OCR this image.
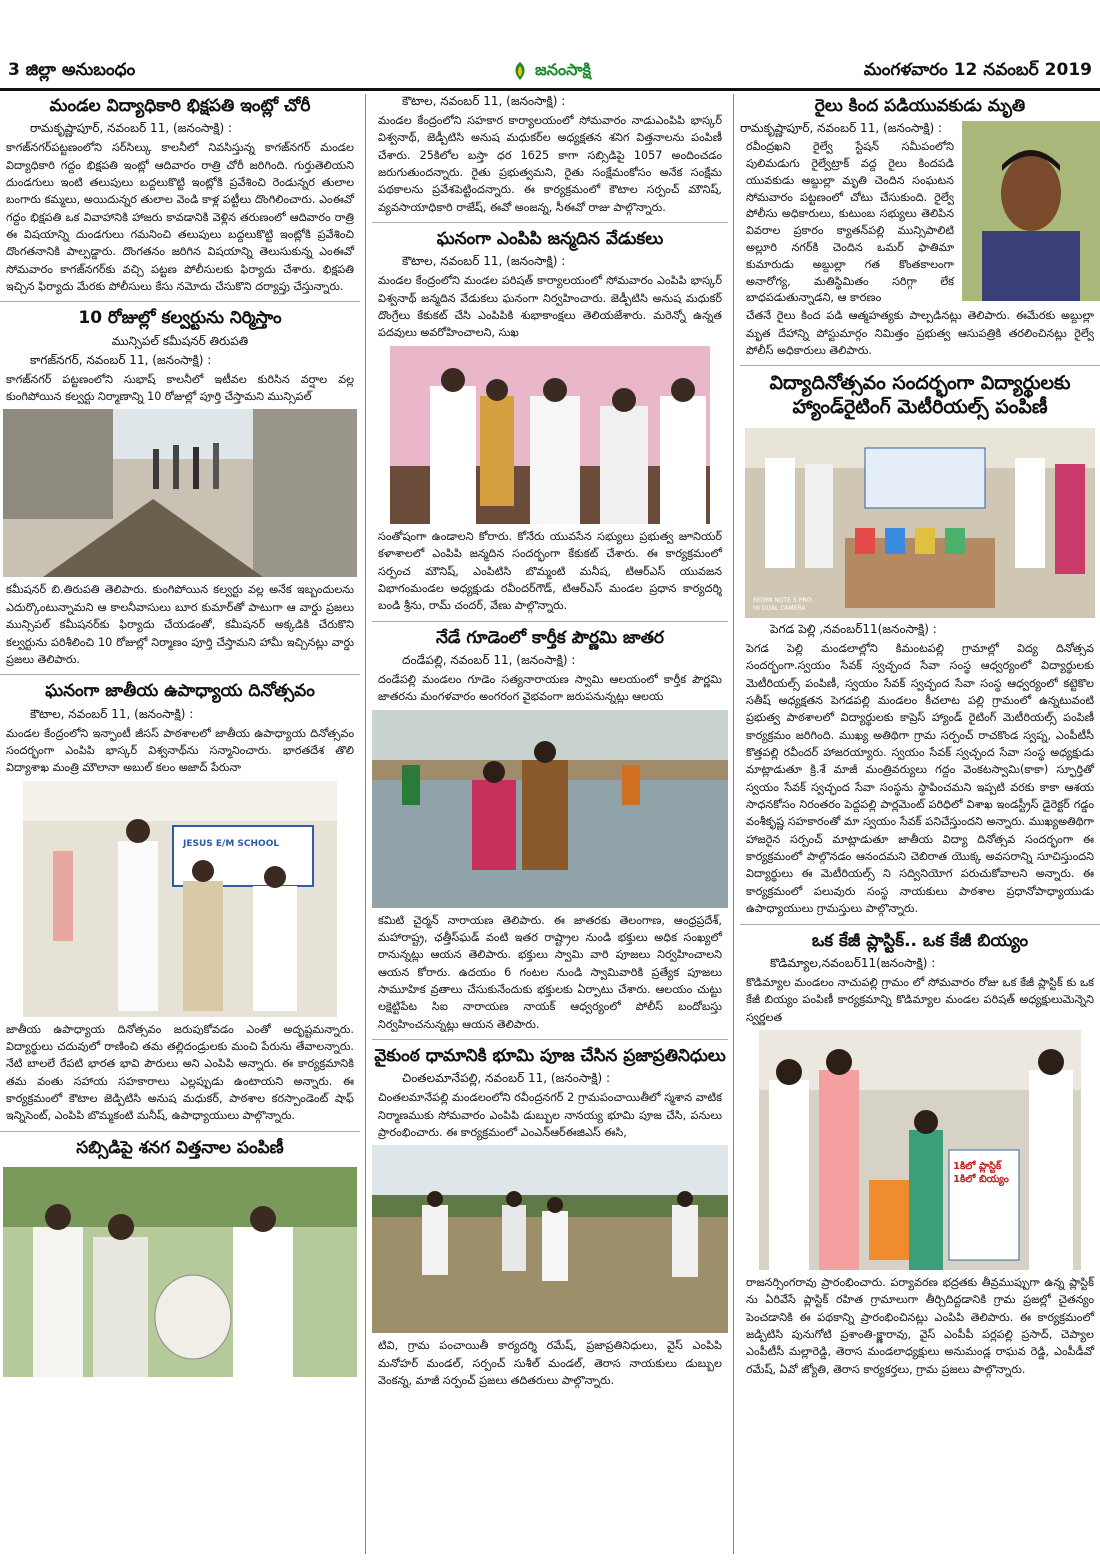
3 జిల్లా అనుబంధం	జనంసాక్షి	మంగళవారం 12 నవంబర్ 2019
మండల విద్యాధికారి భిక్షపతి ఇంట్లో చోరీ
రామకృష్ణాపూర్, నవంబర్ 11, (జనంసాక్షి) :
కాగజ్‌నగర్‌పట్టణంలోని సర్‌సిల్కు కాలనీలో నివసిస్తున్న కాగజ్‌నగర్ మండల విద్యాధికారి గద్దం భిక్షపతి ఇంట్లో ఆదివారం రాత్రి చోరీ జరిగింది. గుర్తుతెలియని దుండగులు ఇంటి తలుపులు బద్దలుకొట్టి ఇంట్లోకి ప్రవేశించి రెండున్నర తులాల బంగారు కమ్మలు, అయిదున్నర తులాల వెండి కాళ్ల పట్టీలు దొంగిలించారు. ఎంఈవో గద్దం భిక్షపతి ఒక వివాహానికి హాజరు కావడానికి వెళ్లిన తరుణంలో ఆదివారం రాత్రి ఈ విషయాన్ని దుండగులు గమనించి తలుపులు బద్దలుకొట్టి ఇంట్లోకి ప్రవేశించి దొంగతనానికి పాల్పడ్డారు. దొంగతనం జరిగిన విషయాన్ని తెలుసుకున్న ఎంఈవో సోమవారం కాగజ్‌నగర్‌కు వచ్చి పట్టణ పోలీసులకు ఫిర్యాదు చేశారు. భిక్షపతి ఇచ్చిన ఫిర్యాదు మేరకు పోలీసులు కేసు నమోదు చేసుకొని దర్యాప్తు చేస్తున్నారు.
10 రోజుల్లో కల్వర్టును నిర్మిస్తాం
మున్సిపల్ కమీషనర్ తిరుపతి
కాగజ్‌నగర్, నవంబర్ 11, (జనంసాక్షి) :
కాగజ్‌నగర్ పట్టణంలోని సుభాష్ కాలనీలో ఇటీవల కురిసిన వర్షాల వల్ల కుంగిపోయిన కల్వర్టు నిర్మాణాన్ని 10 రోజుల్లో పూర్తి చేస్తామని మున్సిపల్
కమీషనర్ బి.తిరుపతి తెలిపారు. కుంగిపోయిన కల్వర్టు వల్ల అనేక ఇబ్బందులను ఎదుర్కొంటున్నామని ఆ కాలనీవాసులు బూర కుమార్‌తో పాటుగా ఆ వార్డు ప్రజలు మున్సిపల్ కమీషనర్‌కు ఫిర్యాదు చేయడంతో, కమీషనర్ అక్కడికి చేరుకొని కల్వర్టును పరిశీలించి 10 రోజుల్లో నిర్మాణం పూర్తి చేస్తామని హామీ ఇచ్చినట్లు వార్డు ప్రజలు తెలిపారు.
ఘనంగా జాతీయ ఉపాధ్యాయ దినోత్సవం
కౌటాల, నవంబర్ 11, (జనంసాక్షి) :
మండల కేంద్రంలోని ఇన్ఫాంటీ జీసస్ పాఠశాలలో జాతీయ ఉపాధ్యాయ దినోత్సవం సందర్భంగా ఎంపిపి భాస్కర్ విశ్వనాథ్‌ను సన్మానించారు. భారతదేశ తొలి విద్యాశాఖ మంత్రి మౌలానా అబుల్ కలం అజాద్ పేరునా
JESUS E/M SCHOOL
జాతీయ ఉపాధ్యాయ దినోత్సవం జరుపుకోవడం ఎంతో అదృష్టమన్నారు. విద్యార్థులు చదువులో రాణించి తమ తల్లిదండ్రులకు మంచి పేరును తేవాలన్నారు. నేటి బాలలే రేపటి భారత భావి పౌరులు అని ఎంపిపి అన్నారు. ఈ కార్యక్రమానికి తమ వంతు సహాయ సహకారాలు ఎల్లప్పుడు ఉంటాయని అన్నారు. ఈ కార్యక్రమంలో కౌటాల జెడ్పిటిసి అనుష మధుకర్, పాఠశాల కరస్పాండెంట్ షాఫ్ ఇన్నిసెంట్, ఎంపిపి బొమ్మకంటి మనీష్, ఉపాధ్యాయులు పాల్గొన్నారు.
సబ్సిడిపై శనగ విత్తనాల పంపిణీ
కౌటాల, నవంబర్ 11, (జనంసాక్షి) :
మండల కేంద్రంలోని సహకార కార్యాలయంలో సోమవారం నాడుఎంపిపి భాస్కర్ విశ్వనాథ్, జెడ్పీటిసి అనుష మధుకర్‌ల అధ్యక్షతన శనిగ విత్తనాలను పంపిణీ చేశారు. 25కిలోల బస్తా ధర 1625 కాగా సబ్సిడిపై 1057 అందించడం జరుగుతుందన్నారు. రైతు ప్రభుత్వమని, రైతు సంక్షేమంకోసం అనేక సంక్షేమ పథకాలను ప్రవేశపెట్టిందన్నారు. ఈ కార్యక్రమంలో కౌటాల సర్పంచ్ మౌనిష్, వ్యవసాయాధికారి రాజేష్, ఈవో అంజన్న, సీఈవో రాజు పాల్గొన్నారు.
ఘనంగా ఎంపిపి జన్మదిన వేడుకలు
కౌటాల, నవంబర్ 11, (జనంసాక్షి) :
మండల కేంద్రంలోని మండల పరిషత్ కార్యాలయంలో సోమవారం ఎంపిపి భాస్కర్ విశ్వనాథ్ జన్మదిన వేడుకలు ఘనంగా నిర్వహించారు. జెడ్పీటిసి అనుష మధుకర్ దొంగ్రేలు కేకుకట్ చేసి ఎంపిపికి శుభాకాంక్షలు తెలియజేశారు. మరెన్నో ఉన్నత పదవులు అవరోహించాలని, సుఖ
సంతోషంగా ఉండాలని కోరారు. కోనేరు యువసేన సభ్యులు ప్రభుత్వ జూనియర్ కళాశాలలో ఎంపిపి జన్మదిన సందర్భంగా కేకుకట్ చేశారు. ఈ కార్యక్రమంలో సర్పంచ మౌనిష్, ఎంపిటిసి బొమ్మంటి మనీష, టిఆర్ఎస్ యువజన విభాగంమండల అధ్యక్షుడు రవీందర్‌గౌడ్, టిఆర్ఎస్ మండల ప్రధాన కార్యదర్శి బండి శ్రీను, రామ్ చందర్, వేణు పాల్గొన్నారు.
నేడే గూడెంలో కార్తీక పౌర్ణమి జాతర
దండేపల్లి, నవంబర్ 11, (జనంసాక్షి) :
దండేపల్లి మండలం గూడెం సత్యనారాయణ స్వామి ఆలయంలో కార్తీక పౌర్ణమి జాతరను మంగళవారం అంగరంగ వైభవంగా జరుపనున్నట్లు ఆలయ
కమిటి చైర్మన్ నారాయణ తెలిపారు. ఈ జాతరకు తెలంగాణ, ఆంధ్రప్రదేశ్, మహారాష్ట్ర, ఛత్తీస్‌ఘడ్ వంటి ఇతర రాష్ట్రాల నుండి భక్తులు అధిక సంఖ్యలో రానున్నట్లు ఆయన తెలిపారు. భక్తులు స్వామి వారి పూజలు నిర్వహించాలని ఆయన కోరారు. ఉదయం 6 గంటల నుండి స్వామివారికి ప్రత్యేక పూజలు సామూహిక వ్రతాలు చేసుకునేందుకు భక్తులకు ఏర్పాటు చేశారు. ఆలయం చుట్టు లక్షెట్టిపేట సిఐ నారాయణ నాయక్ ఆధ్వర్యంలో పోలీస్ బందోబస్తు నిర్వహించనున్నట్లు ఆయన తెలిపారు.
వైకుంఠ ధామానికి భూమి పూజ చేసిన ప్రజాప్రతినిధులు
చింతలమానేపల్లి, నవంబర్ 11, (జనంసాక్షి) :
చింతలమానేపల్లి మండలంలోని రవీంద్రనగర్ 2 గ్రామపంచాయితీలో స్మశాన వాటిక నిర్మాణముకు సోమవారం ఎంపిపి డుబ్బుల నానయ్య భూమి పూజ చేసి, పనులు ప్రారంభించారు. ఈ కార్యక్రమంలో ఎంఎన్ఆర్ఈజిఎస్ ఈసి,
టివి, గ్రామ పంచాయితీ కార్యదర్శి రమేష్, ప్రజాప్రతినిధులు, వైస్ ఎంపిపి మనోహర్ మండల్, సర్పంచ్ సుశీల్ మండల్, తెరాస నాయకులు డుబ్బుల వెంకన్న, మాజీ సర్పంచ్ ప్రజలు తదితరులు పాల్గొన్నారు.
రైలు కింద పడియువకుడు మృతి
రామకృష్ణాపూర్, నవంబర్ 11, (జనంసాక్షి) :
రవీంద్రఖని రైల్వే స్టేషన్ సమీపంలోని పులిమడుగు రైల్వేట్రాక్ వద్ద రైలు కిందపడి యువకుడు అబ్దుల్లా మృతి చెందిన సంఘటన సోమవారం పట్టణంలో చోటు చేసుకుంది. రైల్వే పోలీసు అధికారులు, కుటుంబ సభ్యులు తెలిపిన వివరాల ప్రకారం క్యాతన్‌పల్లి మున్సిపాలిటి అల్లూరి నగర్‌కి చెందిన ఒమర్ ఫాతిమా కుమారుడు అబ్దుల్లా గత కొంతకాలంగా అనారోగ్య, మతిస్థిమితం సరిగ్గా లేక బాధపడుతున్నాడని, ఆ కారణం
చేతనే రైలు కింద పడి ఆత్మహత్యకు పాల్పడినట్లు తెలిపారు. ఈమేరకు అబ్దుల్లా మృత దేహాన్ని పోస్టుమార్గం నిమిత్తం ప్రభుత్వ ఆసుపత్రికి తరలించినట్లు రైల్వే పోలీస్ అధికారులు తెలిపారు.
విద్యాదినోత్సవం సందర్భంగా విద్యార్థులకు హ్యాండ్‌రైటింగ్ మెటీరియల్స్ పంపిణీ
REDMI NOTE 5 PRO
MI DUAL CAMERA
పెగడ పెల్లి ,నవంబర్11(జనంసాక్షి) :
పెగడ పెల్లి మండలాల్లోని కిమంటపల్లి గ్రామాల్లో విద్య దినోత్సవ సందర్భంగా.స్వయం సేవక్ స్వచ్ఛంద సేవా సంస్థ ఆధ్వర్యంలో విద్యార్థులకు మెటీరియల్స్ పంపిణీ, స్వయం సేవక్ స్వచ్ఛంద సేవా సంస్థ ఆధ్వర్యంలో కట్టెకొల సతీష్ అధ్యక్షతన పెగడపల్లి మండలం కీచలాట పల్లి గ్రామంలో ఉన్నటువంటి ప్రభుత్వ పాఠశాలలో విద్యార్థులకు కాప్రెస్ హ్యాండ్ రైటింగ్ మెటీరియల్స్ పంపిణీ కార్యక్రమం జరిగింది. ముఖ్య అతిథిగా గ్రామ సర్పంచ్ రాచకొండ స్వప్న, ఎంపీటీసీ కొత్తపల్లి రవీందర్ హాజరయ్యారు. స్వయం సేవక్ స్వచ్ఛంద సేవా సంస్థ అధ్యక్షుడు మాట్లాడుతూ క్రి.శే మాజీ మంత్రివర్యులు గద్దం వెంకటస్వామి(కాకా) స్ఫూర్తితో స్వయం సేవక్ స్వచ్ఛంద సేవా సంస్థను స్థాపించమని ఇప్పటి వరకు కాకా ఆశయ సాధనకోసం నిరంతరం పెద్దపల్లి పార్లమెంట్ పరిధిలో విశాఖ ఇండస్ట్రీస్ డైరెక్టర్ గడ్డం వంశీకృష్ణ సహకారంతో మా స్వయం సేవక్ పనిచేస్తుందని అన్నారు. ముఖ్యఅతిథిగా హాజరైన సర్పంచ్ మాట్లాడుతూ జాతీయ విద్యా దినోత్సవ సందర్భంగా ఈ కార్యక్రమంలో పాల్గొనడం ఆనందమని చెబిరాత యొక్క అవసరాన్ని సూచిస్తుందని విద్యార్థులు ఈ మెటీరియల్స్ ని సద్వినియోగ పరుచుకోవాలని అన్నారు. ఈ కార్యక్రమంలో పలువురు సంస్థ నాయకులు పాఠశాల ప్రధానోపాధ్యాయుడు ఉపాధ్యాయులు గ్రామస్తులు పాల్గొన్నారు.
ఒక కేజీ ప్లాస్టిక్.. ఒక కేజీ బియ్యం
కొడిమ్యాల,నవంబర్11(జనంసాక్షి) :
కొడిమ్యాల మండలం నాచుపల్లి గ్రామం లో సోమవారం రోజు ఒక కేజీ ప్లాస్టిక్ కు ఒక కేజీ బియ్యం పంపిణీ కార్యక్రమాన్ని కొడిమ్యాల మండల పరిషత్ అధ్యక్షులుమెన్నెని స్వర్ణలత
1కిలో ప్లాస్టిక్ 1కిలో బియ్యం
రాజనర్సింగరావు ప్రారంభించారు. పర్యావరణ భద్రతకు తీవ్రముప్పుగా ఉన్న ప్లాస్టిక్ ను ఏరివేసే ప్లాస్టిక్ రహిత గ్రామాలుగా తీర్చిదిద్దడానికి గ్రామ ప్రజల్లో చైతన్యం పెంచడానికి ఈ పథకాన్ని ప్రారంభించినట్లు ఎంపిపి తెలిపారు. ఈ కార్యక్రమంలో జడ్పిటిసి పునుగోటి ప్రశాంతి-క్ష్ణారావు, వైస్ ఎంపీపీ పర్లపల్లి ప్రసాద్, చెప్యాల ఎంపీటీసీ మల్లారెడ్డి, తెరాస మండలాధ్యక్షులు అనుమండ్ల రాఘవ రెడ్డి, ఎంపీడీవో రమేష్, ఏవో జ్యోతి, తెరాస కార్యకర్తలు, గ్రామ ప్రజలు పాల్గొన్నారు.
